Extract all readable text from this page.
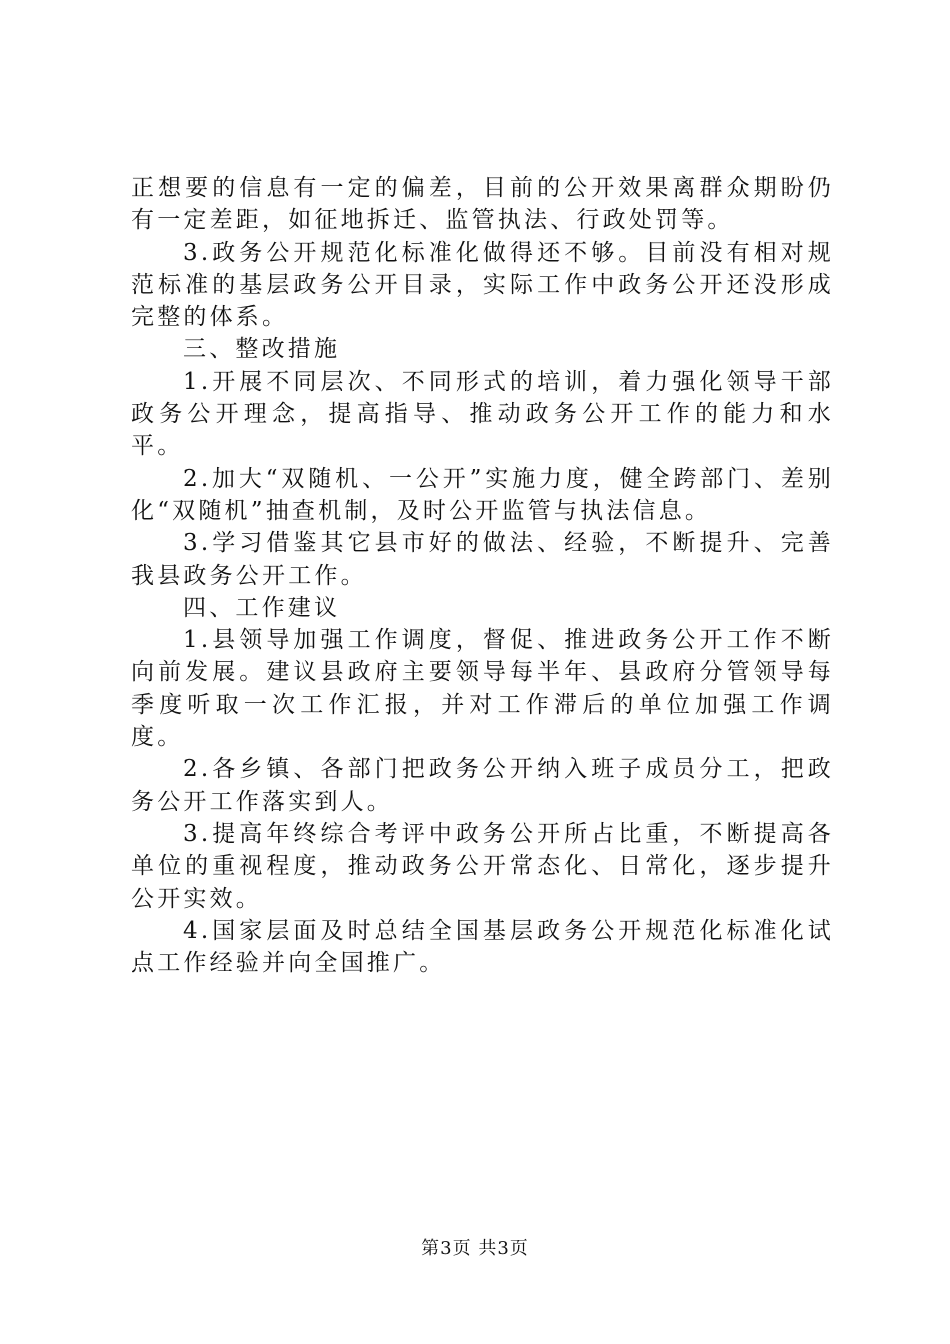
正想要的信息有一定的偏差，目前的公开效果离群众期盼仍有一定差距，如征地拆迁、监管执法、行政处罚等。

3.政务公开规范化标准化做得还不够。目前没有相对规范标准的基层政务公开目录，实际工作中政务公开还没形成完整的体系。

三、整改措施

1.开展不同层次、不同形式的培训，着力强化领导干部政务公开理念，提高指导、推动政务公开工作的能力和水平。

2.加大“双随机、一公开”实施力度，健全跨部门、差别化“双随机”抽查机制，及时公开监管与执法信息。

3.学习借鉴其它县市好的做法、经验，不断提升、完善我县政务公开工作。

四、工作建议

1.县领导加强工作调度，督促、推进政务公开工作不断向前发展。建议县政府主要领导每半年、县政府分管领导每季度听取一次工作汇报，并对工作滞后的单位加强工作调度。

2.各乡镇、各部门把政务公开纳入班子成员分工，把政务公开工作落实到人。

3.提高年终综合考评中政务公开所占比重，不断提高各单位的重视程度，推动政务公开常态化、日常化，逐步提升公开实效。

4.国家层面及时总结全国基层政务公开规范化标准化试点工作经验并向全国推广。

第3页 共3页
